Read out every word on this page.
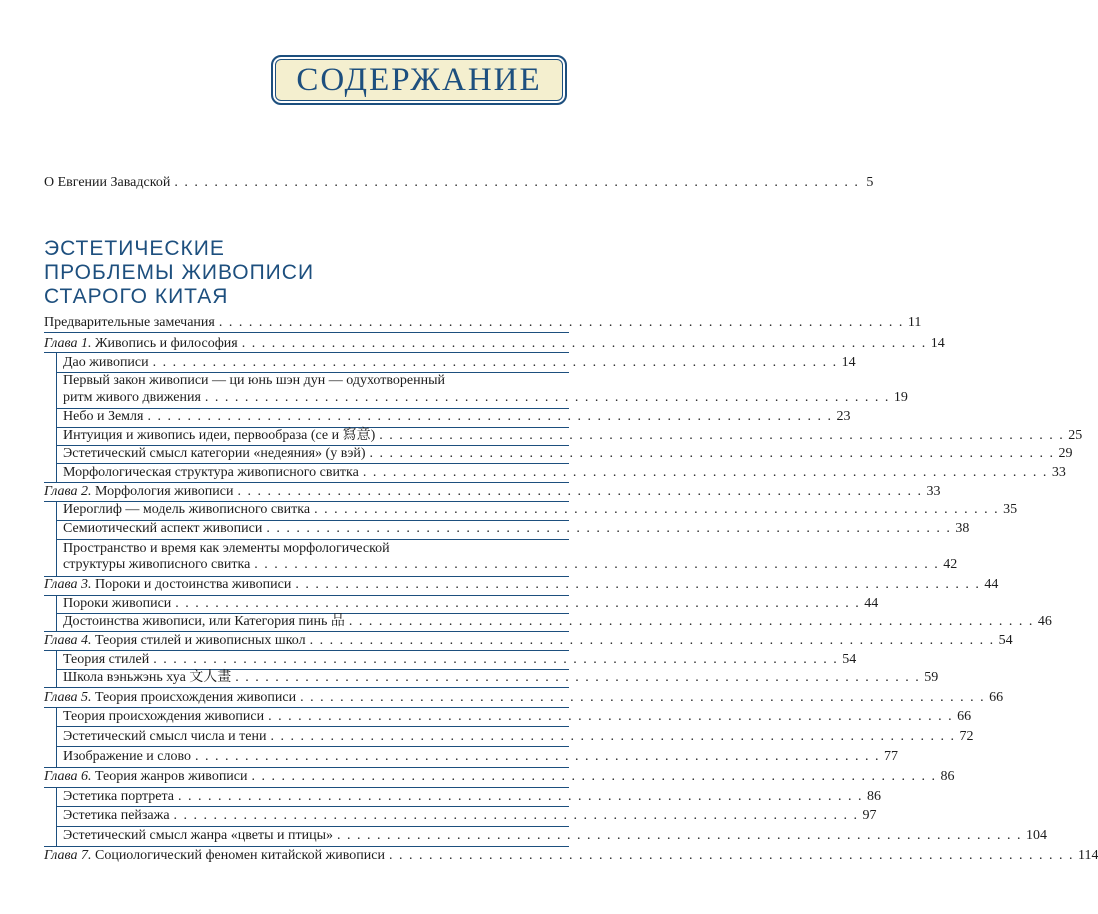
СОДЕРЖАНИЕ
О Евгении Завадской . . . . . . . . . . . . . . . . . . . . . . . . . . . . . . . . . . . . . . . . . . . . . . . . . . . . . . . . . . . . . . . . . . . . . 5
ЭСТЕТИЧЕСКИЕ
ПРОБЛЕМЫ ЖИВОПИСИ
СТАРОГО КИТАЯ
Предварительные замечания . . . . . . . . . . . . . . . . . . . . . . . . . . . . . . . . . . . . . . . . . . . . . . . . . . . . . . . . . . . . . . . . . . . . . 11
Глава 1. Живопись и философия . . . . . . . . . . . . . . . . . . . . . . . . . . . . . . . . . . . . . . . . . . . . . . . . . . . . . . . . . . . . . . . . . . . . . 14
Дао живописи . . . . . . . . . . . . . . . . . . . . . . . . . . . . . . . . . . . . . . . . . . . . . . . . . . . . . . . . . . . . . . . . . . . . . 14
Первый закон живописи — ци юнь шэн дун — одухотворенный
ритм живого движения . . . . . . . . . . . . . . . . . . . . . . . . . . . . . . . . . . . . . . . . . . . . . . . . . . . . . . . . . . . . . . . . . . . . . 19
Небо и Земля . . . . . . . . . . . . . . . . . . . . . . . . . . . . . . . . . . . . . . . . . . . . . . . . . . . . . . . . . . . . . . . . . . . . . 23
Интуиция и живопись идеи, первообраза (се и 寫意) . . . . . . . . . . . . . . . . . . . . . . . . . . . . . . . . . . . . . . . . . . . . . . . . . . . . . . . . . . . . . . . . . . . . . 25
Эстетический смысл категории «недеяния» (у вэй) . . . . . . . . . . . . . . . . . . . . . . . . . . . . . . . . . . . . . . . . . . . . . . . . . . . . . . . . . . . . . . . . . . . . . 29
Морфологическая структура живописного свитка . . . . . . . . . . . . . . . . . . . . . . . . . . . . . . . . . . . . . . . . . . . . . . . . . . . . . . . . . . . . . . . . . . . . . 33
Глава 2. Морфология живописи . . . . . . . . . . . . . . . . . . . . . . . . . . . . . . . . . . . . . . . . . . . . . . . . . . . . . . . . . . . . . . . . . . . . . 33
Иероглиф — модель живописного свитка . . . . . . . . . . . . . . . . . . . . . . . . . . . . . . . . . . . . . . . . . . . . . . . . . . . . . . . . . . . . . . . . . . . . . 35
Семиотический аспект живописи . . . . . . . . . . . . . . . . . . . . . . . . . . . . . . . . . . . . . . . . . . . . . . . . . . . . . . . . . . . . . . . . . . . . . 38
Пространство и время как элементы морфологической
структуры живописного свитка . . . . . . . . . . . . . . . . . . . . . . . . . . . . . . . . . . . . . . . . . . . . . . . . . . . . . . . . . . . . . . . . . . . . . 42
Глава 3. Пороки и достоинства живописи . . . . . . . . . . . . . . . . . . . . . . . . . . . . . . . . . . . . . . . . . . . . . . . . . . . . . . . . . . . . . . . . . . . . . 44
Пороки живописи . . . . . . . . . . . . . . . . . . . . . . . . . . . . . . . . . . . . . . . . . . . . . . . . . . . . . . . . . . . . . . . . . . . . . 44
Достоинства живописи, или Категория пинь 品 . . . . . . . . . . . . . . . . . . . . . . . . . . . . . . . . . . . . . . . . . . . . . . . . . . . . . . . . . . . . . . . . . . . . . 46
Глава 4. Теория стилей и живописных школ . . . . . . . . . . . . . . . . . . . . . . . . . . . . . . . . . . . . . . . . . . . . . . . . . . . . . . . . . . . . . . . . . . . . . 54
Теория стилей . . . . . . . . . . . . . . . . . . . . . . . . . . . . . . . . . . . . . . . . . . . . . . . . . . . . . . . . . . . . . . . . . . . . . 54
Школа вэньжэнь хуа 文人畫 . . . . . . . . . . . . . . . . . . . . . . . . . . . . . . . . . . . . . . . . . . . . . . . . . . . . . . . . . . . . . . . . . . . . . 59
Глава 5. Теория происхождения живописи . . . . . . . . . . . . . . . . . . . . . . . . . . . . . . . . . . . . . . . . . . . . . . . . . . . . . . . . . . . . . . . . . . . . . 66
Теория происхождения живописи . . . . . . . . . . . . . . . . . . . . . . . . . . . . . . . . . . . . . . . . . . . . . . . . . . . . . . . . . . . . . . . . . . . . . 66
Эстетический смысл числа и тени . . . . . . . . . . . . . . . . . . . . . . . . . . . . . . . . . . . . . . . . . . . . . . . . . . . . . . . . . . . . . . . . . . . . . 72
Изображение и слово . . . . . . . . . . . . . . . . . . . . . . . . . . . . . . . . . . . . . . . . . . . . . . . . . . . . . . . . . . . . . . . . . . . . . 77
Глава 6. Теория жанров живописи . . . . . . . . . . . . . . . . . . . . . . . . . . . . . . . . . . . . . . . . . . . . . . . . . . . . . . . . . . . . . . . . . . . . . 86
Эстетика портрета . . . . . . . . . . . . . . . . . . . . . . . . . . . . . . . . . . . . . . . . . . . . . . . . . . . . . . . . . . . . . . . . . . . . . 86
Эстетика пейзажа . . . . . . . . . . . . . . . . . . . . . . . . . . . . . . . . . . . . . . . . . . . . . . . . . . . . . . . . . . . . . . . . . . . . . 97
Эстетический смысл жанра «цветы и птицы» . . . . . . . . . . . . . . . . . . . . . . . . . . . . . . . . . . . . . . . . . . . . . . . . . . . . . . . . . . . . . . . . . . . . . 104
Глава 7. Социологический феномен китайской живописи . . . . . . . . . . . . . . . . . . . . . . . . . . . . . . . . . . . . . . . . . . . . . . . . . . . . . . . . . . . . . . . . . . . . . 114
